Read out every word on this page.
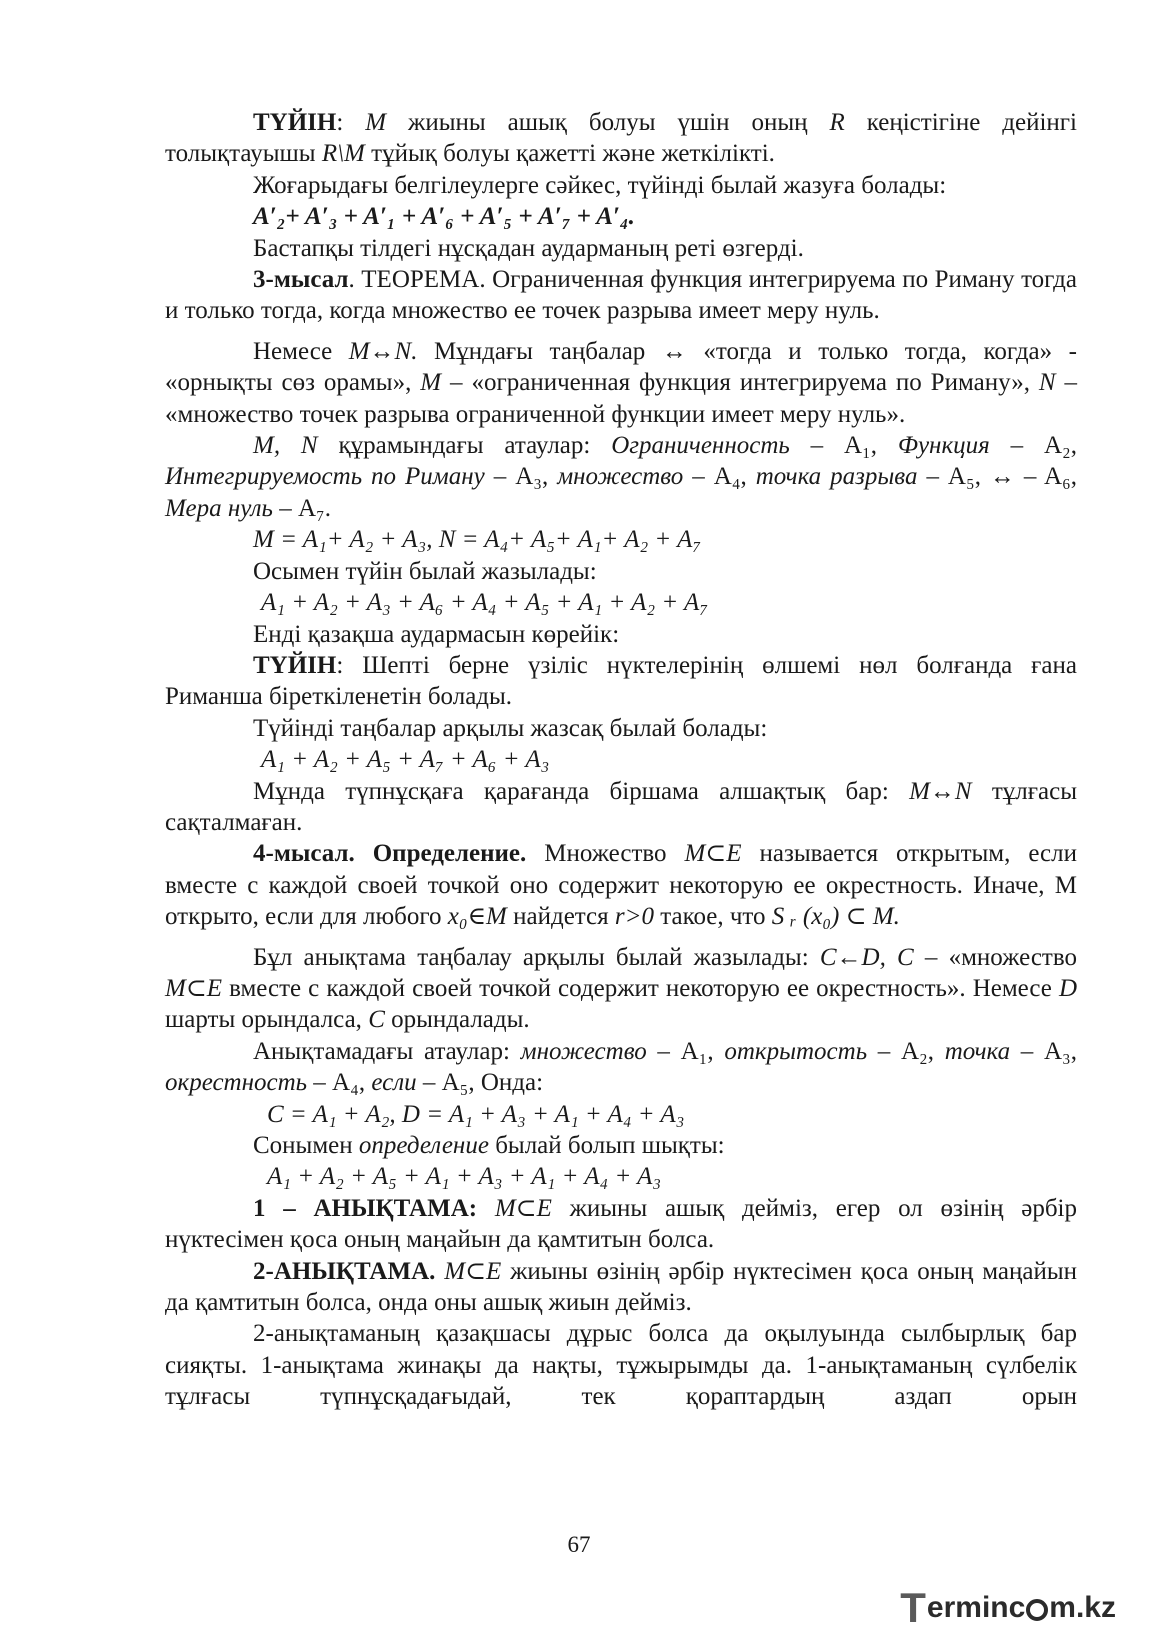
ТҮЙІН: M жиыны ашық болуы үшін оның R кеңістігіне дейінгі толықтауышы R\M тұйық болуы қажетті және жеткілікті.

Жоғарыдағы белгілеулерге сәйкес, түйінді былай жазуға болады:

A′₂+ A′₃ + A′₁ + A′₆ + A′₅ + A′₇ + A′₄.

Бастапқы тілдегі нұсқадан аударманың реті өзгерді.

3-мысал. ТЕОРЕМА. Ограниченная функция интегрируема по Риману тогда и только тогда, когда множество ее точек разрыва имеет меру нуль.

Немесе M↔N. Мұндағы таңбалар ↔ «тогда и только тогда, когда» - «орнықты сөз орамы», M – «ограниченная функция интегрируема по Риману», N – «множество точек разрыва ограниченной функции имеет меру нуль».

M, N құрамындағы атаулар: Ограниченность – A₁, Функция – A₂, Интегрируемость по Риману – A₃, множество – A₄, точка разрыва – A₅, ↔ – A₆, Мера нуль – A₇.

M = A₁+ A₂ + A₃, N = A₄+ A₅+ A₁+ A₂ + A₇

Осымен түйін былай жазылады:

A₁ + A₂ + A₃ + A₆ + A₄ + A₅ + A₁ + A₂ + A₇

Енді қазақша аудармасын көрейік:

ТҮЙІН: Шепті берне үзіліс нүктелерінің өлшемі нөл болғанда ғана Риманша біреткіленетін болады.

Түйінді таңбалар арқылы жазсақ былай болады:

A₁ + A₂ + A₅ + A₇ + A₆ + A₃

Мұнда түпнұсқаға қарағанда біршама алшақтық бар: M↔N тұлғасы сақталмаған.

4-мысал. Определение. Множество M⊂E называется открытым, если вместе с каждой своей точкой оно содержит некоторую ее окрестность. Иначе, М открыто, если для любого x₀∈M найдется r>0 такое, что S ᵣ (x₀) ⊂ M.

Бұл анықтама таңбалау арқылы былай жазылады: C←D, C – «множество M⊂E вместе с каждой своей точкой содержит некоторую ее окрестность». Немесе D шарты орындалса, C орындалады.

Анықтамадағы атаулар: множество – A₁, открытость – A₂, точка – A₃, окрестность – A₄, если – A₅, Онда:

C = A₁ + A₂, D = A₁ + A₃ + A₁ + A₄ + A₃

Сонымен определение былай болып шықты:

A₁ + A₂ + A₅ + A₁ + A₃ + A₁ + A₄ + A₃

1 – АНЫҚТАМА: M⊂E жиыны ашық дейміз, егер ол өзінің әрбір нүктесімен қоса оның маңайын да қамтитын болса.

2-АНЫҚТАМА. M⊂E жиыны өзінің әрбір нүктесімен қоса оның маңайын да қамтитын болса, онда оны ашық жиын дейміз.

2-анықтаманың қазақшасы дұрыс болса да оқылуында сылбырлық бар сияқты. 1-анықтама жинақы да нақты, тұжырымды да. 1-анықтаманың сүлбелік тұлғасы түпнұсқадағыдай, тек қораптардың аздап орын

67
T ermin c m.kz
